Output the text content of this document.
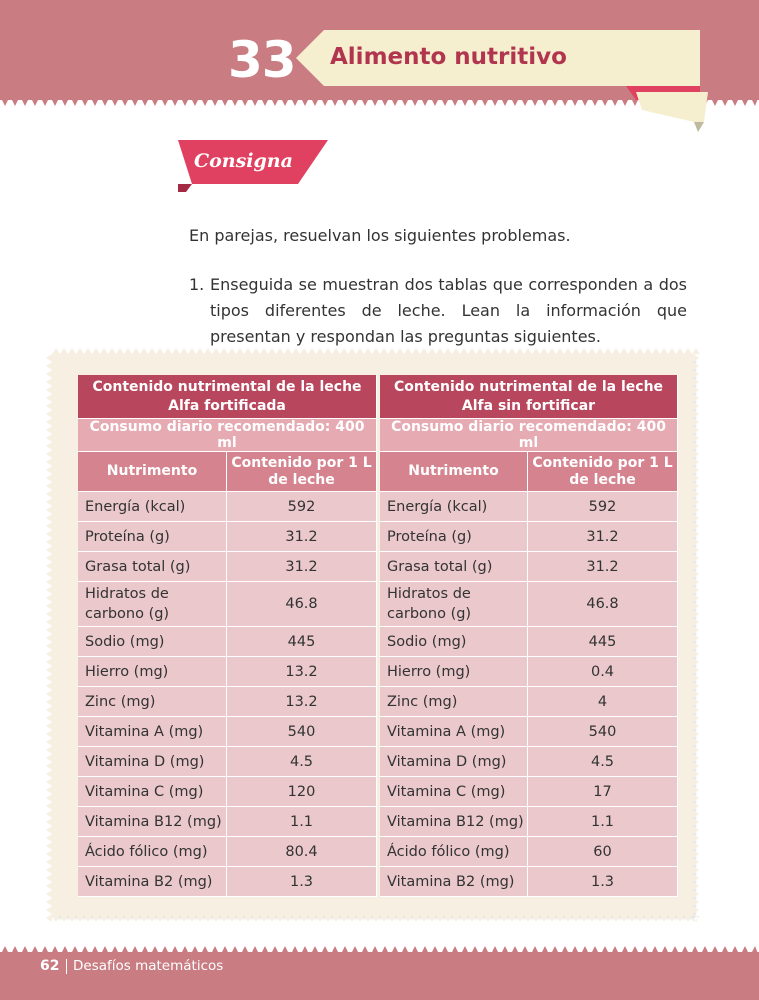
33 Alimento nutritivo
Consigna
En parejas, resuelvan los siguientes problemas.
1. Enseguida se muestran dos tablas que corresponden a dos tipos diferentes de leche. Lean la información que presentan y respondan las preguntas siguientes.
Contenido nutrimental de la leche
Alfa fortificada	
Consumo diario recomendado: 400 ml	
Nutrimento	Contenido por 1 L
de leche
Energía (kcal)	592
Proteína (g)	31.2
Grasa total (g)	31.2
Hidratos de
carbono (g)	46.8
Sodio (mg)	445
Hierro (mg)	13.2
Zinc (mg)	13.2
Vitamina A (mg)	540
Vitamina D (mg)	4.5
Vitamina C (mg)	120
Vitamina B12 (mg)	1.1
Ácido fólico (mg)	80.4
Vitamina B2 (mg)	1.3
Contenido nutrimental de la leche
Alfa sin fortificar	
Consumo diario recomendado: 400 ml	
Nutrimento	Contenido por 1 L
de leche
Energía (kcal)	592
Proteína (g)	31.2
Grasa total (g)	31.2
Hidratos de
carbono (g)	46.8
Sodio (mg)	445
Hierro (mg)	0.4
Zinc (mg)	4
Vitamina A (mg)	540
Vitamina D (mg)	4.5
Vitamina C (mg)	17
Vitamina B12 (mg)	1.1
Ácido fólico (mg)	60
Vitamina B2 (mg)	1.3
62 Desafíos matemáticos
